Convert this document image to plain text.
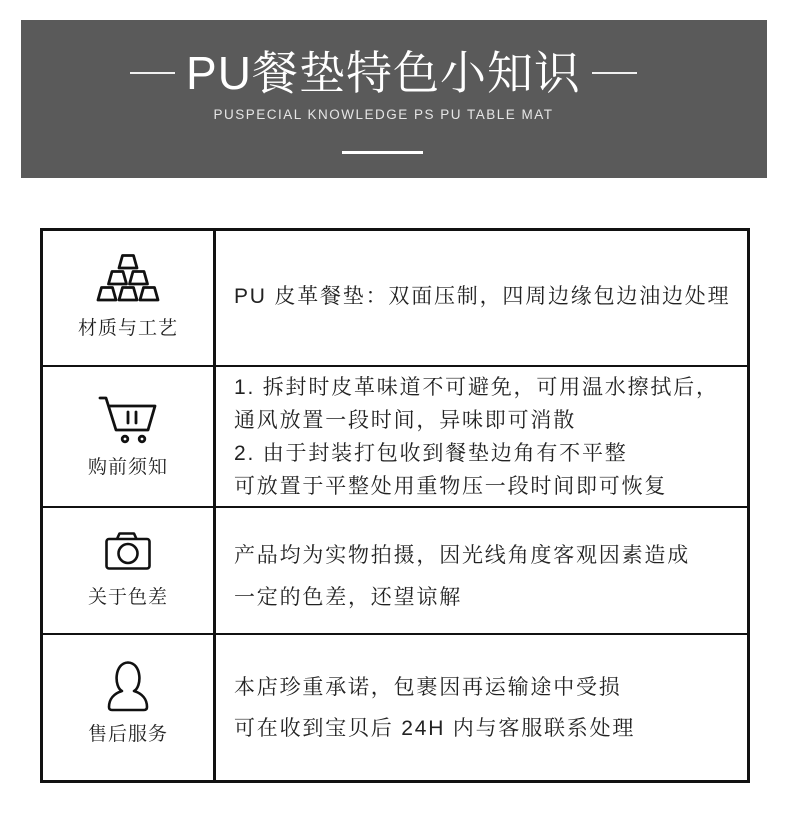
PU餐垫特色小知识
PUSPECIAL KNOWLEDGE PS PU TABLE MAT
材质与工艺
PU 皮革餐垫：双面压制，四周边缘包边油边处理
购前须知
1. 拆封时皮革味道不可避免，可用温水擦拭后，
通风放置一段时间，异味即可消散
2. 由于封装打包收到餐垫边角有不平整
可放置于平整处用重物压一段时间即可恢复
关于色差
产品均为实物拍摄，因光线角度客观因素造成
一定的色差，还望谅解
售后服务
本店珍重承诺，包裹因再运输途中受损
可在收到宝贝后 24H 内与客服联系处理
